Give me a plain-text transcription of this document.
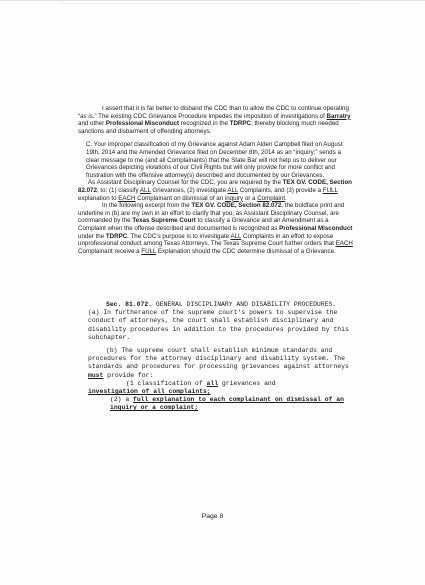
I assert that it is far better to disband the CDC than to allow the CDC to continue operating “as is.” The existing CDC Grievance Procedure impedes the imposition of investigations of Barratry and other Professional Misconduct recognized in the TDRPC; thereby blocking much needed sanctions and disbarment of offending attorneys.

C. Your improper classification of my Grievance against Adam Alden Campbell filed on August 19th, 2014 and the Amended Grievance filed on December 8th, 2014 as an “inquiry;” sends a clear message to me (and all Complainants) that the State Bar will not help us to deliver our Grievances depicting violations of our Civil Rights but will only provide for more conflict and frustration with the offensive attorney(s) described and documented by our Grievances.

As Assistant Disciplinary Counsel for the CDC, you are required by the TEX GV. CODE, Section 82.072, to: (1) classify ALL Grievances, (2) investigate ALL Complaints, and (3) provide a FULL explanation to EACH Complainant on dismissal of an inquiry or a Complaint.

In the following excerpt from the TEX GV. CODE, Section 82.072, the boldface print and underline in (b) are my own in an effort to clarify that you, as Assistant Disciplinary Counsel, are commanded by the Texas Supreme Court to classify a Grievance and an Amendment as a Complaint when the offense described and documented is recognized as Professional Misconduct under the TDRPC. The CDC’s purpose is to investigate ALL Complaints in an effort to expose unprofessional conduct among Texas Attorneys. The Texas Supreme Court further orders that EACH Complainant receive a FULL Explanation should the CDC determine dismissal of a Grievance.

Sec. 81.072. GENERAL DISCIPLINARY AND DISABILITY PROCEDURES. (a) In furtherance of the supreme court's powers to supervise the conduct of attorneys, the court shall establish disciplinary and disability procedures in addition to the procedures provided by this subchapter.

(b) The supreme court shall establish minimum standards and procedures for the attorney disciplinary and disability system. The standards and procedures for processing grievances against attorneys must provide for:

(1 classification of all grievances and

investigation of all complaints;

(2) a full explanation to each complainant on dismissal of an inquiry or a complaint;

Page 8
